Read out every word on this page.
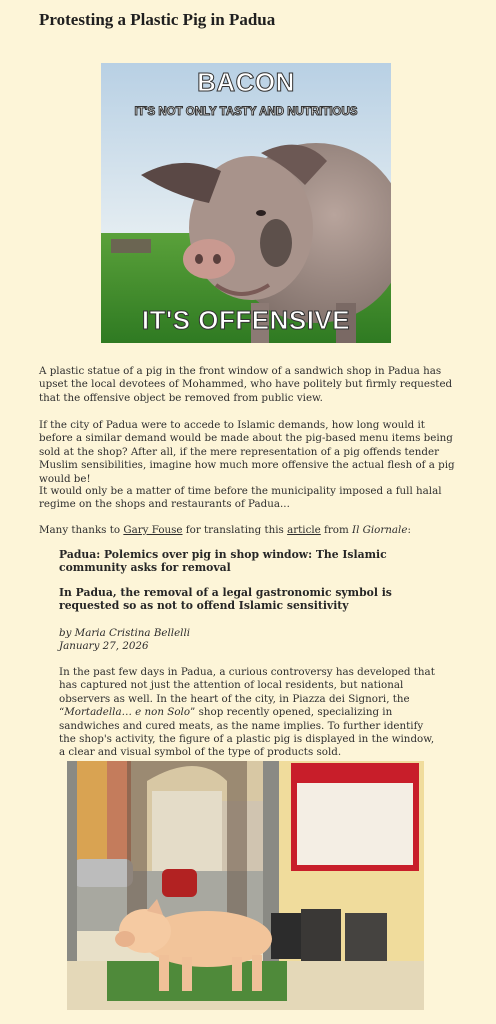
Protesting a Plastic Pig in Padua
BACON
IT'S NOT ONLY TASTY AND NUTRITIOUS
IT'S OFFENSIVE

A plastic statue of a pig in the front window of a sandwich shop in Padua has upset the local devotees of Mohammed, who have politely but firmly requested that the offensive object be removed from public view.

If the city of Padua were to accede to Islamic demands, how long would it before a similar demand would be made about the pig-based menu items being sold at the shop? After all, if the mere representation of a pig offends tender Muslim sensibilities, imagine how much more offensive the actual flesh of a pig would be!

It would only be a matter of time before the municipality imposed a full halal regime on the shops and restaurants of Padua...

Many thanks to Gary Fouse for translating this article from Il Giornale:

Padua: Polemics over pig in shop window: The Islamic community asks for removal

In Padua, the removal of a legal gastronomic symbol is requested so as not to offend Islamic sensitivity

by Maria Cristina Bellelli

January 27, 2026

In the past few days in Padua, a curious controversy has developed that has captured not just the attention of local residents, but national observers as well. In the heart of the city, in Piazza dei Signori, the “Mortadella… e non Solo” shop recently opened, specializing in sandwiches and cured meats, as the name implies. To further identify the shop's activity, the figure of a plastic pig is displayed in the window, a clear and visual symbol of the type of products sold.
